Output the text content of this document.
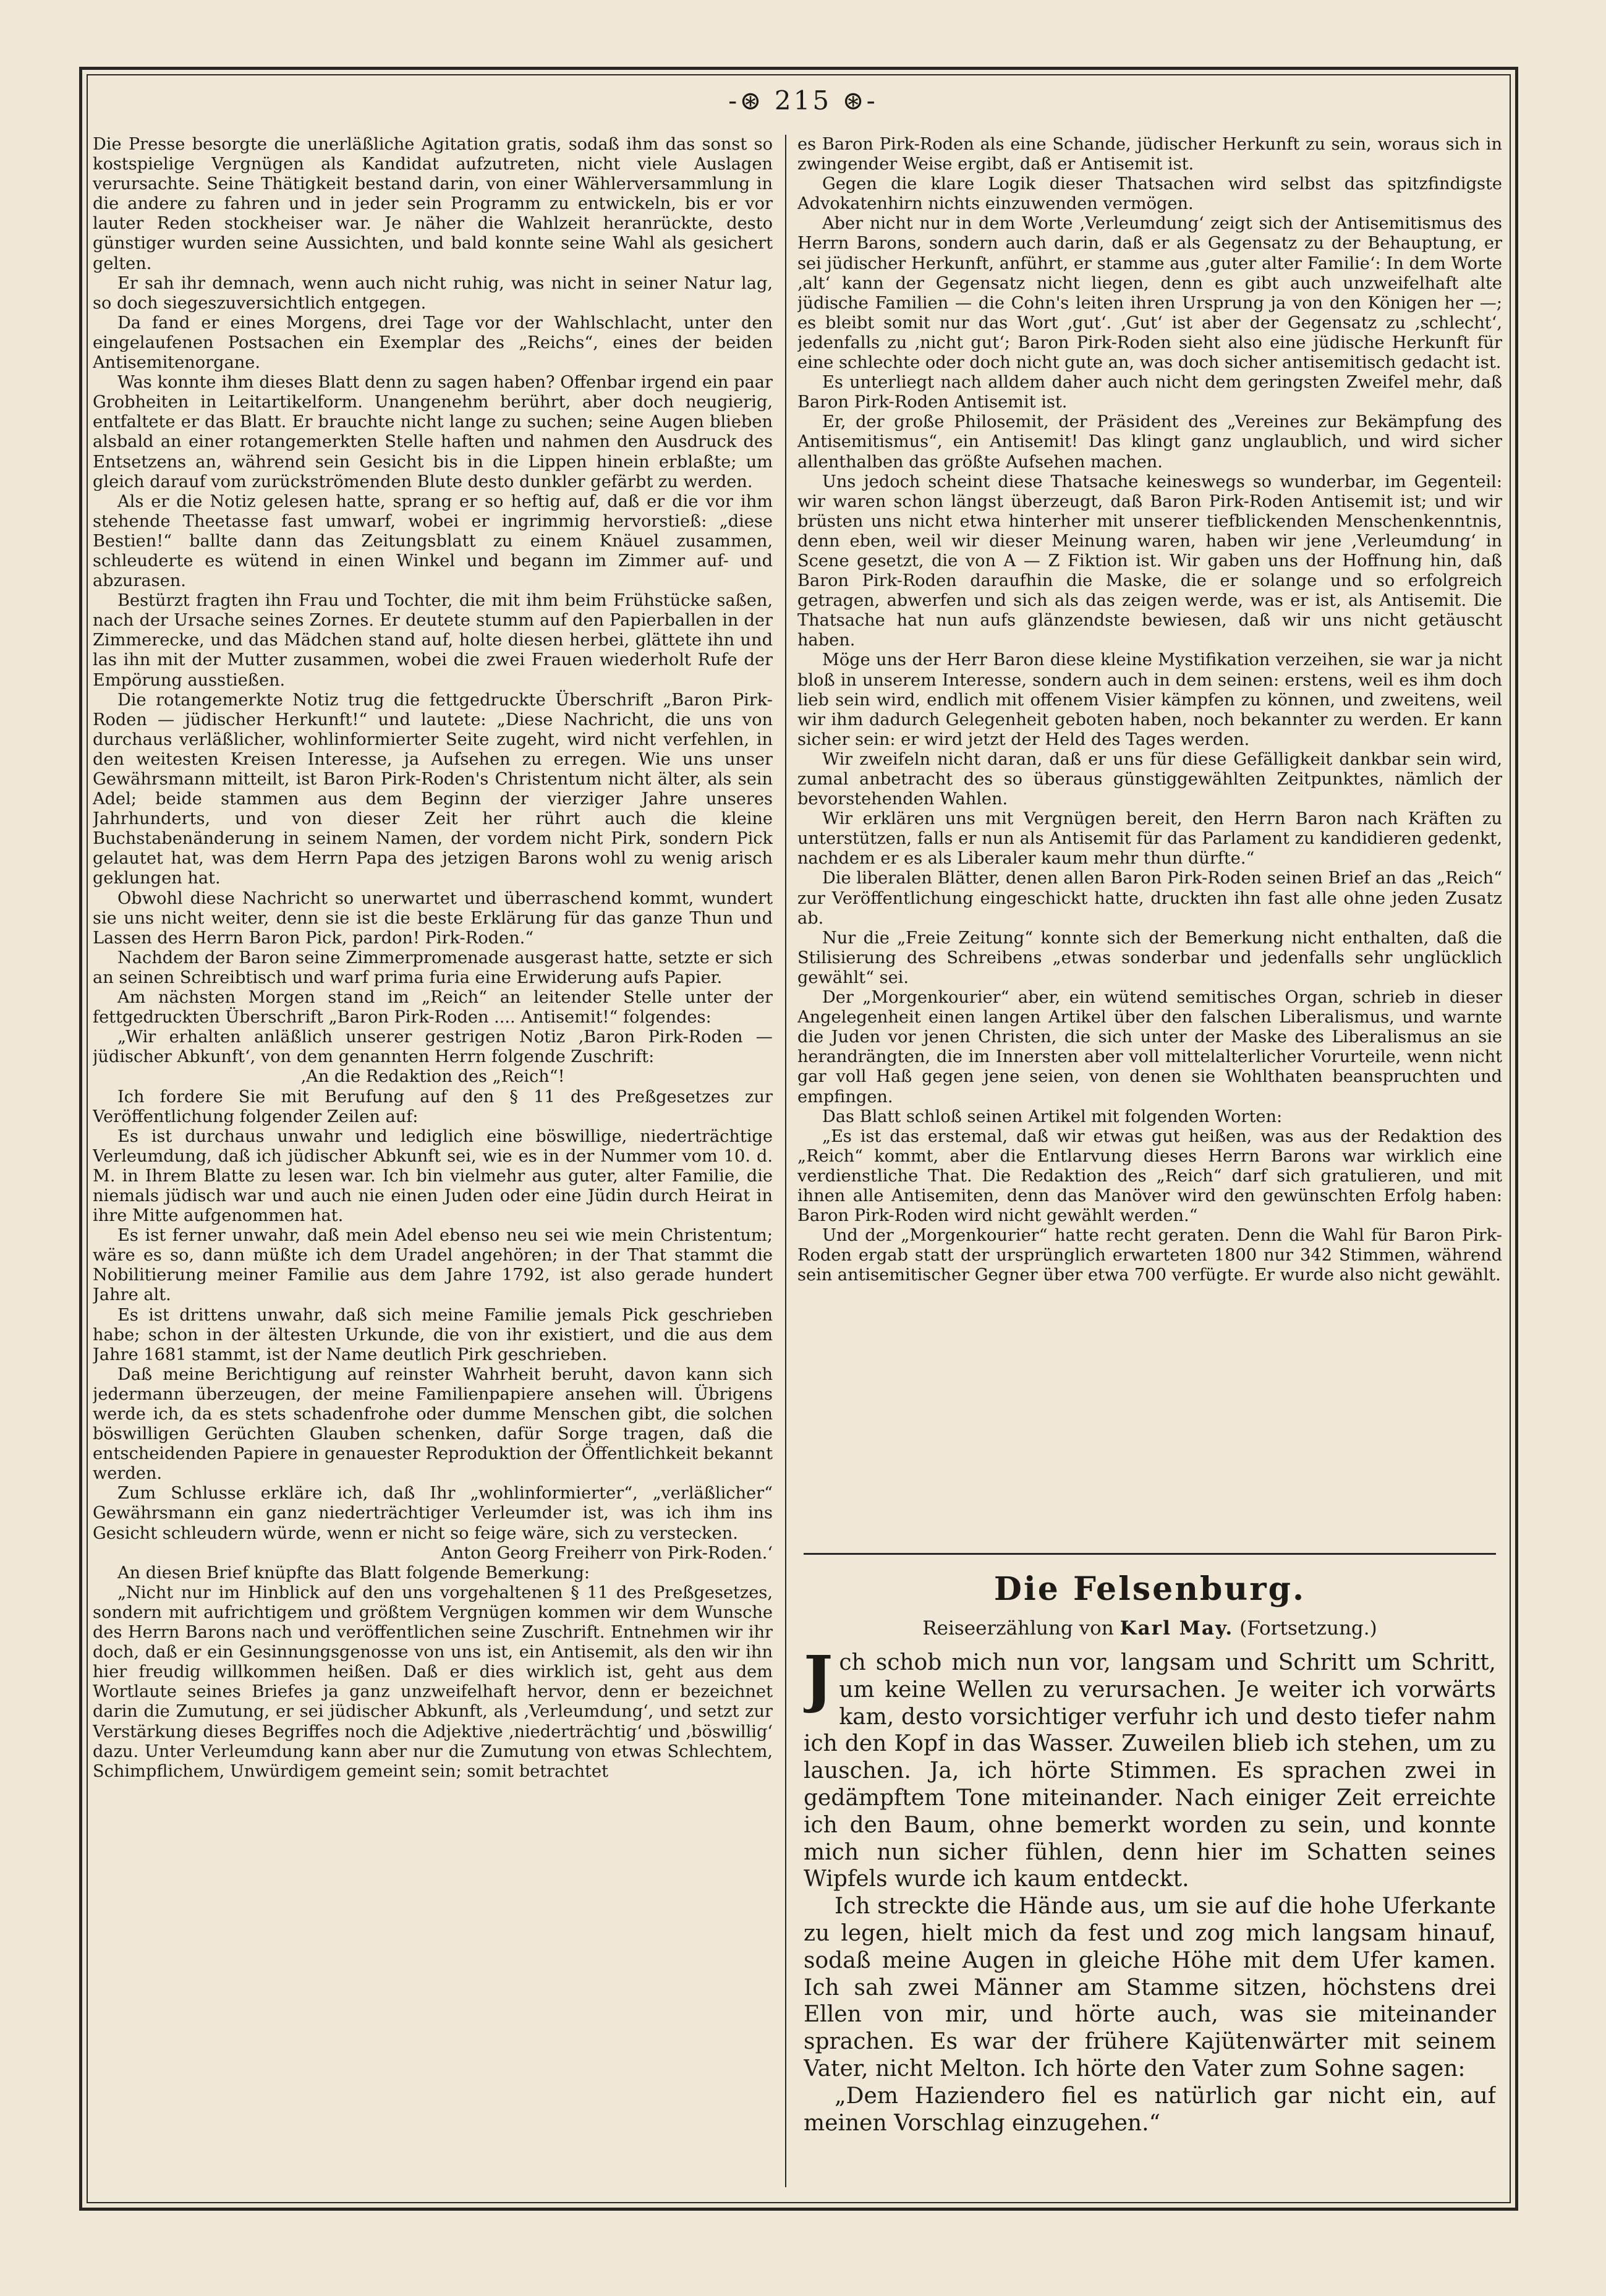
-⊛ 215 ⊛-

Die Presse besorgte die unerläßliche Agitation gratis, sodaß ihm das sonst so kostspielige Vergnügen als Kandidat aufzutreten, nicht viele Auslagen verursachte. Seine Thätigkeit bestand darin, von einer Wählerversammlung in die andere zu fahren und in jeder sein Programm zu entwickeln, bis er vor lauter Reden stockheiser war. Je näher die Wahlzeit heranrückte, desto günstiger wurden seine Aussichten, und bald konnte seine Wahl als gesichert gelten.

Er sah ihr demnach, wenn auch nicht ruhig, was nicht in seiner Natur lag, so doch siegeszuversichtlich entgegen.

Da fand er eines Morgens, drei Tage vor der Wahlschlacht, unter den eingelaufenen Postsachen ein Exemplar des „Reichs“, eines der beiden Antisemitenorgane.

Was konnte ihm dieses Blatt denn zu sagen haben? Offenbar irgend ein paar Grobheiten in Leitartikelform. Unangenehm berührt, aber doch neugierig, entfaltete er das Blatt. Er brauchte nicht lange zu suchen; seine Augen blieben alsbald an einer rotangemerkten Stelle haften und nahmen den Ausdruck des Entsetzens an, während sein Gesicht bis in die Lippen hinein erblaßte; um gleich darauf vom zurückströmenden Blute desto dunkler gefärbt zu werden.

Als er die Notiz gelesen hatte, sprang er so heftig auf, daß er die vor ihm stehende Theetasse fast umwarf, wobei er ingrimmig hervorstieß: „diese Bestien!“ ballte dann das Zeitungsblatt zu einem Knäuel zusammen, schleuderte es wütend in einen Winkel und begann im Zimmer auf- und abzurasen.

Bestürzt fragten ihn Frau und Tochter, die mit ihm beim Frühstücke saßen, nach der Ursache seines Zornes. Er deutete stumm auf den Papierballen in der Zimmerecke, und das Mädchen stand auf, holte diesen herbei, glättete ihn und las ihn mit der Mutter zusammen, wobei die zwei Frauen wiederholt Rufe der Empörung ausstießen.

Die rotangemerkte Notiz trug die fettgedruckte Überschrift „Baron Pirk-Roden — jüdischer Herkunft!“ und lautete: „Diese Nachricht, die uns von durchaus verläßlicher, wohlinformierter Seite zugeht, wird nicht verfehlen, in den weitesten Kreisen Interesse, ja Aufsehen zu erregen. Wie uns unser Gewährsmann mitteilt, ist Baron Pirk-Roden's Christentum nicht älter, als sein Adel; beide stammen aus dem Beginn der vierziger Jahre unseres Jahrhunderts, und von dieser Zeit her rührt auch die kleine Buchstabenänderung in seinem Namen, der vordem nicht Pirk, sondern Pick gelautet hat, was dem Herrn Papa des jetzigen Barons wohl zu wenig arisch geklungen hat.

Obwohl diese Nachricht so unerwartet und überraschend kommt, wundert sie uns nicht weiter, denn sie ist die beste Erklärung für das ganze Thun und Lassen des Herrn Baron Pick, pardon! Pirk-Roden.“

Nachdem der Baron seine Zimmerpromenade ausgerast hatte, setzte er sich an seinen Schreibtisch und warf prima furia eine Erwiderung aufs Papier.

Am nächsten Morgen stand im „Reich“ an leitender Stelle unter der fettgedruckten Überschrift „Baron Pirk-Roden .... Antisemit!“ folgendes:

„Wir erhalten anläßlich unserer gestrigen Notiz ‚Baron Pirk-Roden — jüdischer Abkunft‘, von dem genannten Herrn folgende Zuschrift:

‚An die Redaktion des „Reich“!

Ich fordere Sie mit Berufung auf den § 11 des Preßgesetzes zur Veröffentlichung folgender Zeilen auf:

Es ist durchaus unwahr und lediglich eine böswillige, niederträchtige Verleumdung, daß ich jüdischer Abkunft sei, wie es in der Nummer vom 10. d. M. in Ihrem Blatte zu lesen war. Ich bin vielmehr aus guter, alter Familie, die niemals jüdisch war und auch nie einen Juden oder eine Jüdin durch Heirat in ihre Mitte aufgenommen hat.

Es ist ferner unwahr, daß mein Adel ebenso neu sei wie mein Christentum; wäre es so, dann müßte ich dem Uradel angehören; in der That stammt die Nobilitierung meiner Familie aus dem Jahre 1792, ist also gerade hundert Jahre alt.

Es ist drittens unwahr, daß sich meine Familie jemals Pick geschrieben habe; schon in der ältesten Urkunde, die von ihr existiert, und die aus dem Jahre 1681 stammt, ist der Name deutlich Pirk geschrieben.

Daß meine Berichtigung auf reinster Wahrheit beruht, davon kann sich jedermann überzeugen, der meine Familienpapiere ansehen will. Übrigens werde ich, da es stets schadenfrohe oder dumme Menschen gibt, die solchen böswilligen Gerüchten Glauben schenken, dafür Sorge tragen, daß die entscheidenden Papiere in genauester Reproduktion der Öffentlichkeit bekannt werden.

Zum Schlusse erkläre ich, daß Ihr „wohlinformierter“, „verläßlicher“ Gewährsmann ein ganz niederträchtiger Verleumder ist, was ich ihm ins Gesicht schleudern würde, wenn er nicht so feige wäre, sich zu verstecken.

Anton Georg Freiherr von Pirk-Roden.‘

An diesen Brief knüpfte das Blatt folgende Bemerkung:

„Nicht nur im Hinblick auf den uns vorgehaltenen § 11 des Preßgesetzes, sondern mit aufrichtigem und größtem Vergnügen kommen wir dem Wunsche des Herrn Barons nach und veröffentlichen seine Zuschrift. Entnehmen wir ihr doch, daß er ein Gesinnungsgenosse von uns ist, ein Antisemit, als den wir ihn hier freudig willkommen heißen. Daß er dies wirklich ist, geht aus dem Wortlaute seines Briefes ja ganz unzweifelhaft hervor, denn er bezeichnet darin die Zumutung, er sei jüdischer Abkunft, als ‚Verleumdung‘, und setzt zur Verstärkung dieses Begriffes noch die Adjektive ‚niederträchtig‘ und ‚böswillig‘ dazu. Unter Verleumdung kann aber nur die Zumutung von etwas Schlechtem, Schimpflichem, Unwürdigem gemeint sein; somit betrachtet

es Baron Pirk-Roden als eine Schande, jüdischer Herkunft zu sein, woraus sich in zwingender Weise ergibt, daß er Antisemit ist.

Gegen die klare Logik dieser Thatsachen wird selbst das spitzfindigste Advokatenhirn nichts einzuwenden vermögen.

Aber nicht nur in dem Worte ‚Verleumdung‘ zeigt sich der Antisemitismus des Herrn Barons, sondern auch darin, daß er als Gegensatz zu der Behauptung, er sei jüdischer Herkunft, anführt, er stamme aus ‚guter alter Familie‘: In dem Worte ‚alt‘ kann der Gegensatz nicht liegen, denn es gibt auch unzweifelhaft alte jüdische Familien — die Cohn's leiten ihren Ursprung ja von den Königen her —; es bleibt somit nur das Wort ‚gut‘. ‚Gut‘ ist aber der Gegensatz zu ‚schlecht‘, jedenfalls zu ‚nicht gut‘; Baron Pirk-Roden sieht also eine jüdische Herkunft für eine schlechte oder doch nicht gute an, was doch sicher antisemitisch gedacht ist.

Es unterliegt nach alldem daher auch nicht dem geringsten Zweifel mehr, daß Baron Pirk-Roden Antisemit ist.

Er, der große Philosemit, der Präsident des „Vereines zur Bekämpfung des Antisemitismus“, ein Antisemit! Das klingt ganz unglaublich, und wird sicher allenthalben das größte Aufsehen machen.

Uns jedoch scheint diese Thatsache keineswegs so wunderbar, im Gegenteil: wir waren schon längst überzeugt, daß Baron Pirk-Roden Antisemit ist; und wir brüsten uns nicht etwa hinterher mit unserer tiefblickenden Menschenkenntnis, denn eben, weil wir dieser Meinung waren, haben wir jene ‚Verleumdung‘ in Scene gesetzt, die von A — Z Fiktion ist. Wir gaben uns der Hoffnung hin, daß Baron Pirk-Roden daraufhin die Maske, die er solange und so erfolgreich getragen, abwerfen und sich als das zeigen werde, was er ist, als Antisemit. Die Thatsache hat nun aufs glänzendste bewiesen, daß wir uns nicht getäuscht haben.

Möge uns der Herr Baron diese kleine Mystifikation verzeihen, sie war ja nicht bloß in unserem Interesse, sondern auch in dem seinen: erstens, weil es ihm doch lieb sein wird, endlich mit offenem Visier kämpfen zu können, und zweitens, weil wir ihm dadurch Gelegenheit geboten haben, noch bekannter zu werden. Er kann sicher sein: er wird jetzt der Held des Tages werden.

Wir zweifeln nicht daran, daß er uns für diese Gefälligkeit dankbar sein wird, zumal anbetracht des so überaus günstiggewählten Zeitpunktes, nämlich der bevorstehenden Wahlen.

Wir erklären uns mit Vergnügen bereit, den Herrn Baron nach Kräften zu unterstützen, falls er nun als Antisemit für das Parlament zu kandidieren gedenkt, nachdem er es als Liberaler kaum mehr thun dürfte.“

Die liberalen Blätter, denen allen Baron Pirk-Roden seinen Brief an das „Reich“ zur Veröffentlichung eingeschickt hatte, druckten ihn fast alle ohne jeden Zusatz ab.

Nur die „Freie Zeitung“ konnte sich der Bemerkung nicht enthalten, daß die Stilisierung des Schreibens „etwas sonderbar und jedenfalls sehr unglücklich gewählt“ sei.

Der „Morgenkourier“ aber, ein wütend semitisches Organ, schrieb in dieser Angelegenheit einen langen Artikel über den falschen Liberalismus, und warnte die Juden vor jenen Christen, die sich unter der Maske des Liberalismus an sie herandrängten, die im Innersten aber voll mittelalterlicher Vorurteile, wenn nicht gar voll Haß gegen jene seien, von denen sie Wohlthaten beanspruchten und empfingen.

Das Blatt schloß seinen Artikel mit folgenden Worten:

„Es ist das erstemal, daß wir etwas gut heißen, was aus der Redaktion des „Reich“ kommt, aber die Entlarvung dieses Herrn Barons war wirklich eine verdienstliche That. Die Redaktion des „Reich“ darf sich gratulieren, und mit ihnen alle Antisemiten, denn das Manöver wird den gewünschten Erfolg haben: Baron Pirk-Roden wird nicht gewählt werden.“

Und der „Morgenkourier“ hatte recht geraten. Denn die Wahl für Baron Pirk-Roden ergab statt der ursprünglich erwarteten 1800 nur 342 Stimmen, während sein antisemitischer Gegner über etwa 700 verfügte. Er wurde also nicht gewählt.

Die Felsenburg.
Reiseerzählung von Karl May. (Fortsetzung.)

Jch schob mich nun vor, langsam und Schritt um Schritt, um keine Wellen zu verursachen. Je weiter ich vorwärts kam, desto vorsichtiger verfuhr ich und desto tiefer nahm ich den Kopf in das Wasser. Zuweilen blieb ich stehen, um zu lauschen. Ja, ich hörte Stimmen. Es sprachen zwei in gedämpftem Tone miteinander. Nach einiger Zeit erreichte ich den Baum, ohne bemerkt worden zu sein, und konnte mich nun sicher fühlen, denn hier im Schatten seines Wipfels wurde ich kaum entdeckt.

Ich streckte die Hände aus, um sie auf die hohe Uferkante zu legen, hielt mich da fest und zog mich langsam hinauf, sodaß meine Augen in gleiche Höhe mit dem Ufer kamen. Ich sah zwei Männer am Stamme sitzen, höchstens drei Ellen von mir, und hörte auch, was sie miteinander sprachen. Es war der frühere Kajütenwärter mit seinem Vater, nicht Melton. Ich hörte den Vater zum Sohne sagen:

„Dem Haziendero fiel es natürlich gar nicht ein, auf meinen Vorschlag einzugehen.“
